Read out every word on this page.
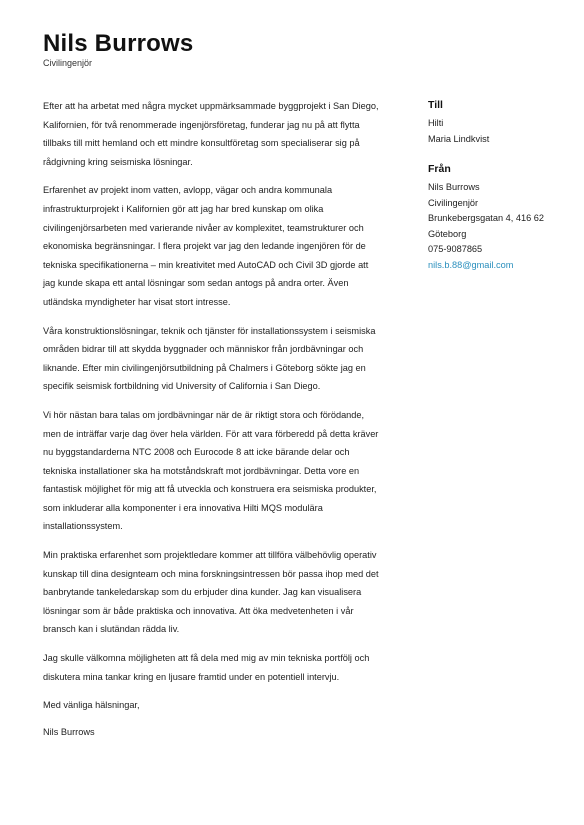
Nils Burrows
Civilingenjör

Efter att ha arbetat med några mycket uppmärksammade byggprojekt i San Diego, Kalifornien, för två renommerade ingenjörsföretag, funderar jag nu på att flytta tillbaks till mitt hemland och ett mindre konsultföretag som specialiserar sig på rådgivning kring seismiska lösningar.

Erfarenhet av projekt inom vatten, avlopp, vägar och andra kommunala infrastrukturprojekt i Kalifornien gör att jag har bred kunskap om olika civilingenjörsarbeten med varierande nivåer av komplexitet, teamstrukturer och ekonomiska begränsningar. I flera projekt var jag den ledande ingenjören för de tekniska specifikationerna – min kreativitet med AutoCAD och Civil 3D gjorde att jag kunde skapa ett antal lösningar som sedan antogs på andra orter. Även utländska myndigheter har visat stort intresse.

Våra konstruktionslösningar, teknik och tjänster för installationssystem i seismiska områden bidrar till att skydda byggnader och människor från jordbävningar och liknande. Efter min civilingenjörsutbildning på Chalmers i Göteborg sökte jag en specifik seismisk fortbildning vid University of California i San Diego.

Vi hör nästan bara talas om jordbävningar när de är riktigt stora och förödande, men de inträffar varje dag över hela världen. För att vara förberedd på detta kräver nu byggstandarderna NTC 2008 och Eurocode 8 att icke bärande delar och tekniska installationer ska ha motståndskraft mot jordbävningar. Detta vore en fantastisk möjlighet för mig att få utveckla och konstruera era seismiska produkter, som inkluderar alla komponenter i era innovativa Hilti MQS modulära installationssystem.

Min praktiska erfarenhet som projektledare kommer att tillföra välbehövlig operativ kunskap till dina designteam och mina forskningsintressen bör passa ihop med det banbrytande tankeledarskap som du erbjuder dina kunder. Jag kan visualisera lösningar som är både praktiska och innovativa. Att öka medvetenheten i vår bransch kan i slutändan rädda liv.

Jag skulle välkomna möjligheten att få dela med mig av min tekniska portfölj och diskutera mina tankar kring en ljusare framtid under en potentiell intervju.

Med vänliga hälsningar,

Nils Burrows

Till
Hilti
Maria Lindkvist
Från
Nils Burrows
Civilingenjör
Brunkebergsgatan 4, 416 62 Göteborg
075-9087865
nils.b.88@gmail.com
